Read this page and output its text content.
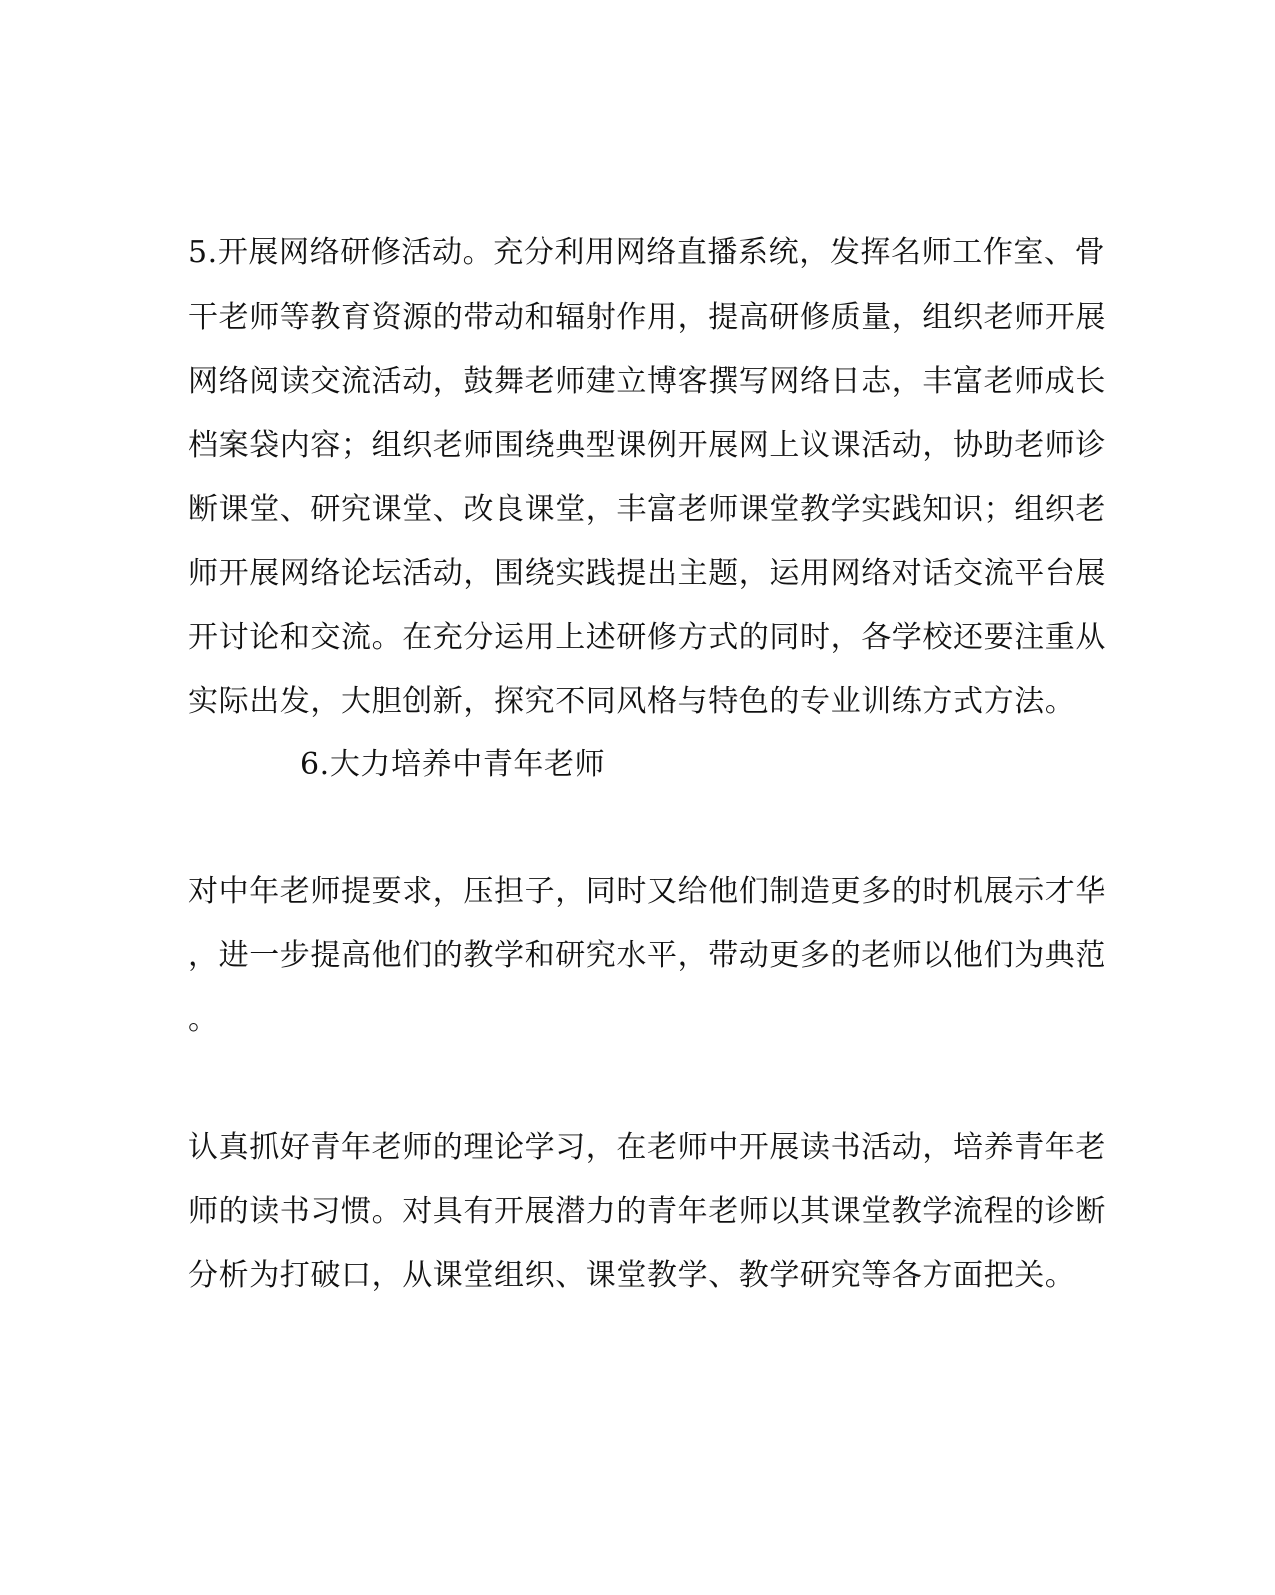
5.开展网络研修活动。充分利用网络直播系统，发挥名师工作室、骨

干老师等教育资源的带动和辐射作用，提高研修质量，组织老师开展

网络阅读交流活动，鼓舞老师建立博客撰写网络日志，丰富老师成长

档案袋内容；组织老师围绕典型课例开展网上议课活动，协助老师诊

断课堂、研究课堂、改良课堂，丰富老师课堂教学实践知识；组织老

师开展网络论坛活动，围绕实践提出主题，运用网络对话交流平台展

开讨论和交流。在充分运用上述研修方式的同时，各学校还要注重从

实际出发，大胆创新，探究不同风格与特色的专业训练方式方法。

6.大力培养中青年老师

对中年老师提要求，压担子，同时又给他们制造更多的时机展示才华

，进一步提高他们的教学和研究水平，带动更多的老师以他们为典范

。

认真抓好青年老师的理论学习，在老师中开展读书活动，培养青年老

师的读书习惯。对具有开展潜力的青年老师以其课堂教学流程的诊断

分析为打破口，从课堂组织、课堂教学、教学研究等各方面把关。
